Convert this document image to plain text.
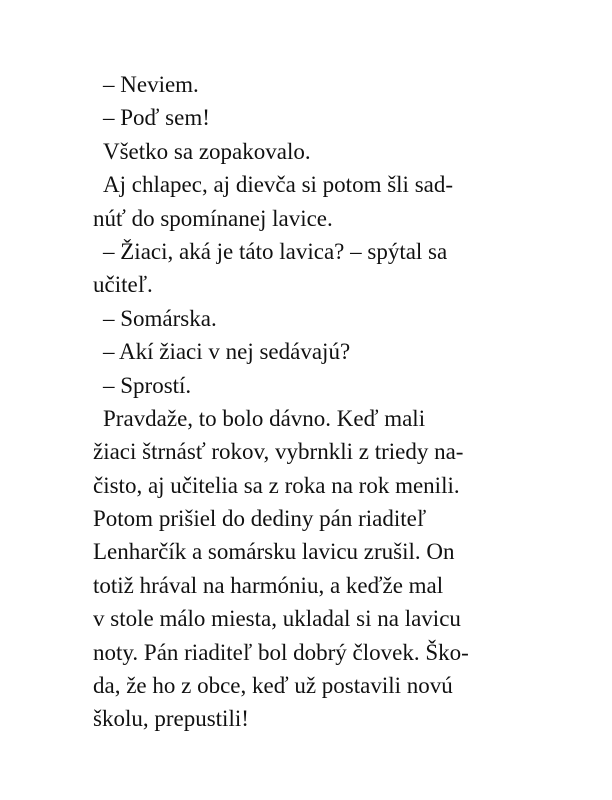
– Neviem.
– Poď sem!
Všetko sa zopakovalo.
Aj chlapec, aj dievča si potom šli sad-
núť do spomínanej lavice.
– Žiaci, aká je táto lavica? – spýtal sa
učiteľ.
– Somárska.
– Akí žiaci v nej sedávajú?
– Sprostí.
Pravdaže, to bolo dávno. Keď mali
žiaci štrnásť rokov, vybrnkli z triedy na-
čisto, aj učitelia sa z roka na rok menili.
Potom prišiel do dediny pán riaditeľ
Lenharčík a somársku lavicu zrušil. On
totiž hrával na harmóniu, a keďže mal
v stole málo miesta, ukladal si na lavicu
noty. Pán riaditeľ bol dobrý človek. Ško-
da, že ho z obce, keď už postavili novú
školu, prepustili!
